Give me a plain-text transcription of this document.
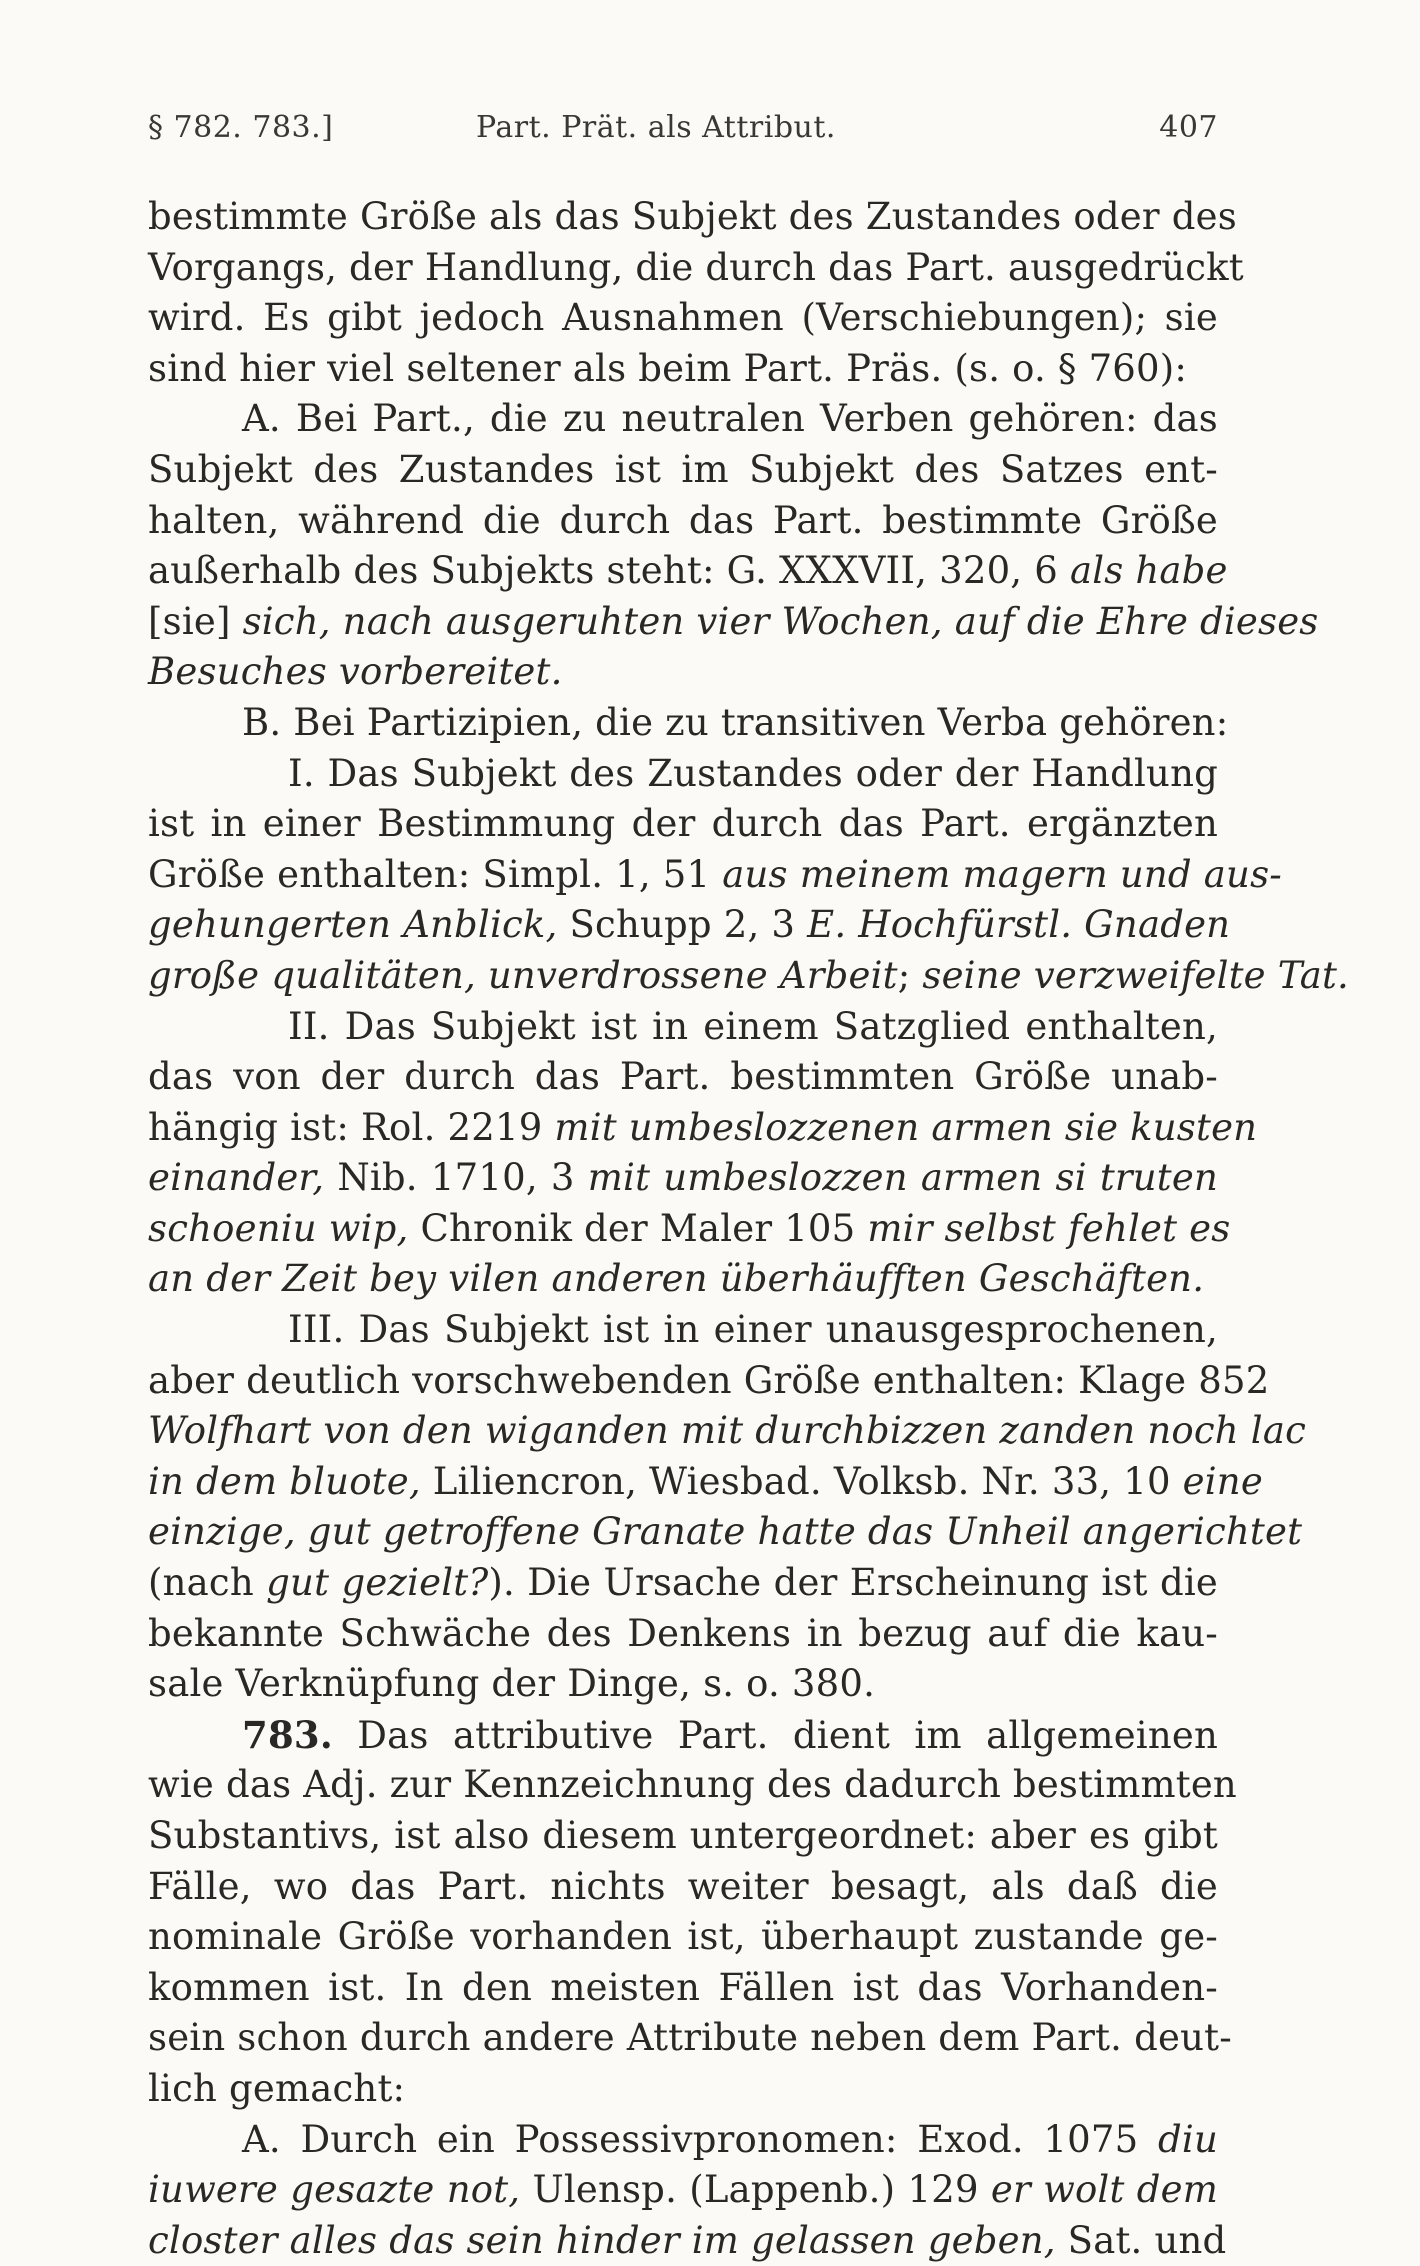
§ 782. 783.]	Part. Prät. als Attribut.	407
bestimmte Größe als das Subjekt des Zustandes oder des
Vorgangs, der Handlung, die durch das Part. ausgedrückt
wird. Es gibt jedoch Ausnahmen (Verschiebungen); sie
sind hier viel seltener als beim Part. Präs. (s. o. § 760):
A. Bei Part., die zu neutralen Verben gehören: das
Subjekt des Zustandes ist im Subjekt des Satzes ent-
halten, während die durch das Part. bestimmte Größe
außerhalb des Subjekts steht: G. XXXVII, 320, 6 als habe
[sie] sich, nach ausgeruhten vier Wochen, auf die Ehre dieses
Besuches vorbereitet.
B. Bei Partizipien, die zu transitiven Verba gehören:
I. Das Subjekt des Zustandes oder der Handlung
ist in einer Bestimmung der durch das Part. ergänzten
Größe enthalten: Simpl. 1, 51 aus meinem magern und aus-
gehungerten Anblick, Schupp 2, 3 E. Hochfürstl. Gnaden
große qualitäten, unverdrossene Arbeit; seine verzweifelte Tat.
II. Das Subjekt ist in einem Satzglied enthalten,
das von der durch das Part. bestimmten Größe unab-
hängig ist: Rol. 2219 mit umbeslozzenen armen sie kusten
einander, Nib. 1710, 3 mit umbeslozzen armen si truten
schoeniu wip, Chronik der Maler 105 mir selbst fehlet es
an der Zeit bey vilen anderen überhäufften Geschäften.
III. Das Subjekt ist in einer unausgesprochenen,
aber deutlich vorschwebenden Größe enthalten: Klage 852
Wolfhart von den wiganden mit durchbizzen zanden noch lac
in dem bluote, Liliencron, Wiesbad. Volksb. Nr. 33, 10 eine
einzige, gut getroffene Granate hatte das Unheil angerichtet
(nach gut gezielt?). Die Ursache der Erscheinung ist die
bekannte Schwäche des Denkens in bezug auf die kau-
sale Verknüpfung der Dinge, s. o. 380.
783. Das attributive Part. dient im allgemeinen
wie das Adj. zur Kennzeichnung des dadurch bestimmten
Substantivs, ist also diesem untergeordnet: aber es gibt
Fälle, wo das Part. nichts weiter besagt, als daß die
nominale Größe vorhanden ist, überhaupt zustande ge-
kommen ist. In den meisten Fällen ist das Vorhanden-
sein schon durch andere Attribute neben dem Part. deut-
lich gemacht:
A. Durch ein Possessivpronomen: Exod. 1075 diu
iuwere gesazte not, Ulensp. (Lappenb.) 129 er wolt dem
closter alles das sein hinder im gelassen geben, Sat. und
